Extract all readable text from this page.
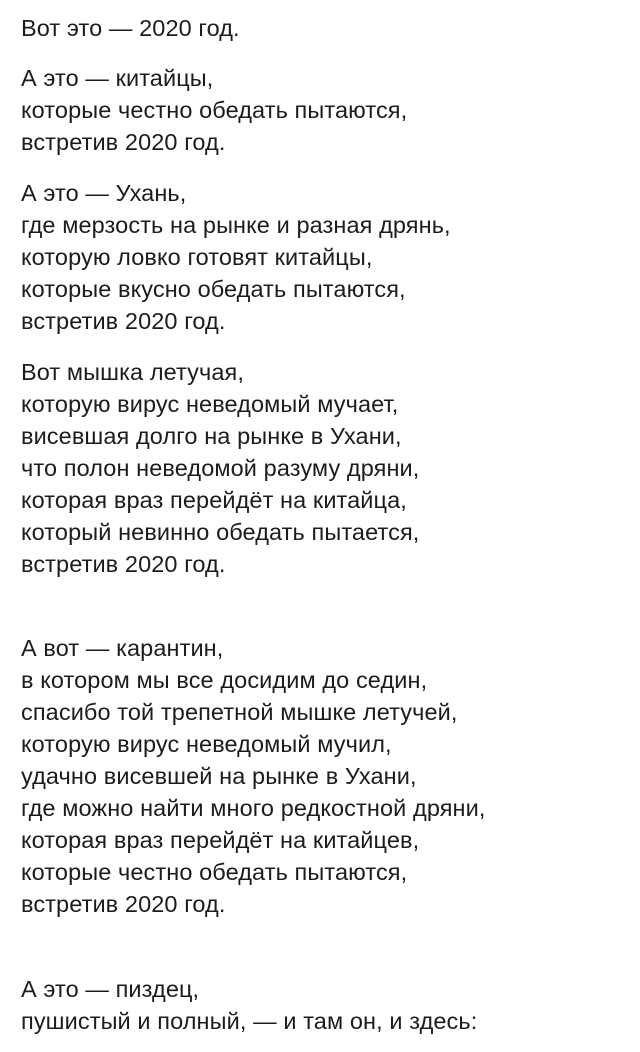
Вот это — 2020 год.
А это — китайцы,
которые честно обедать пытаются,
встретив 2020 год.
А это — Ухань,
где мерзость на рынке и разная дрянь,
которую ловко готовят китайцы,
которые вкусно обедать пытаются,
встретив 2020 год.
Вот мышка летучая,
которую вирус неведомый мучает,
висевшая долго на рынке в Ухани,
что полон неведомой разуму дряни,
которая враз перейдёт на китайца,
который невинно обедать пытается,
встретив 2020 год.
А вот — карантин,
в котором мы все досидим до седин,
спасибо той трепетной мышке летучей,
которую вирус неведомый мучил,
удачно висевшей на рынке в Ухани,
где можно найти много редкостной дряни,
которая враз перейдёт на китайцев,
которые честно обедать пытаются,
встретив 2020 год.
А это — пиздец,
пушистый и полный, — и там он, и здесь:
